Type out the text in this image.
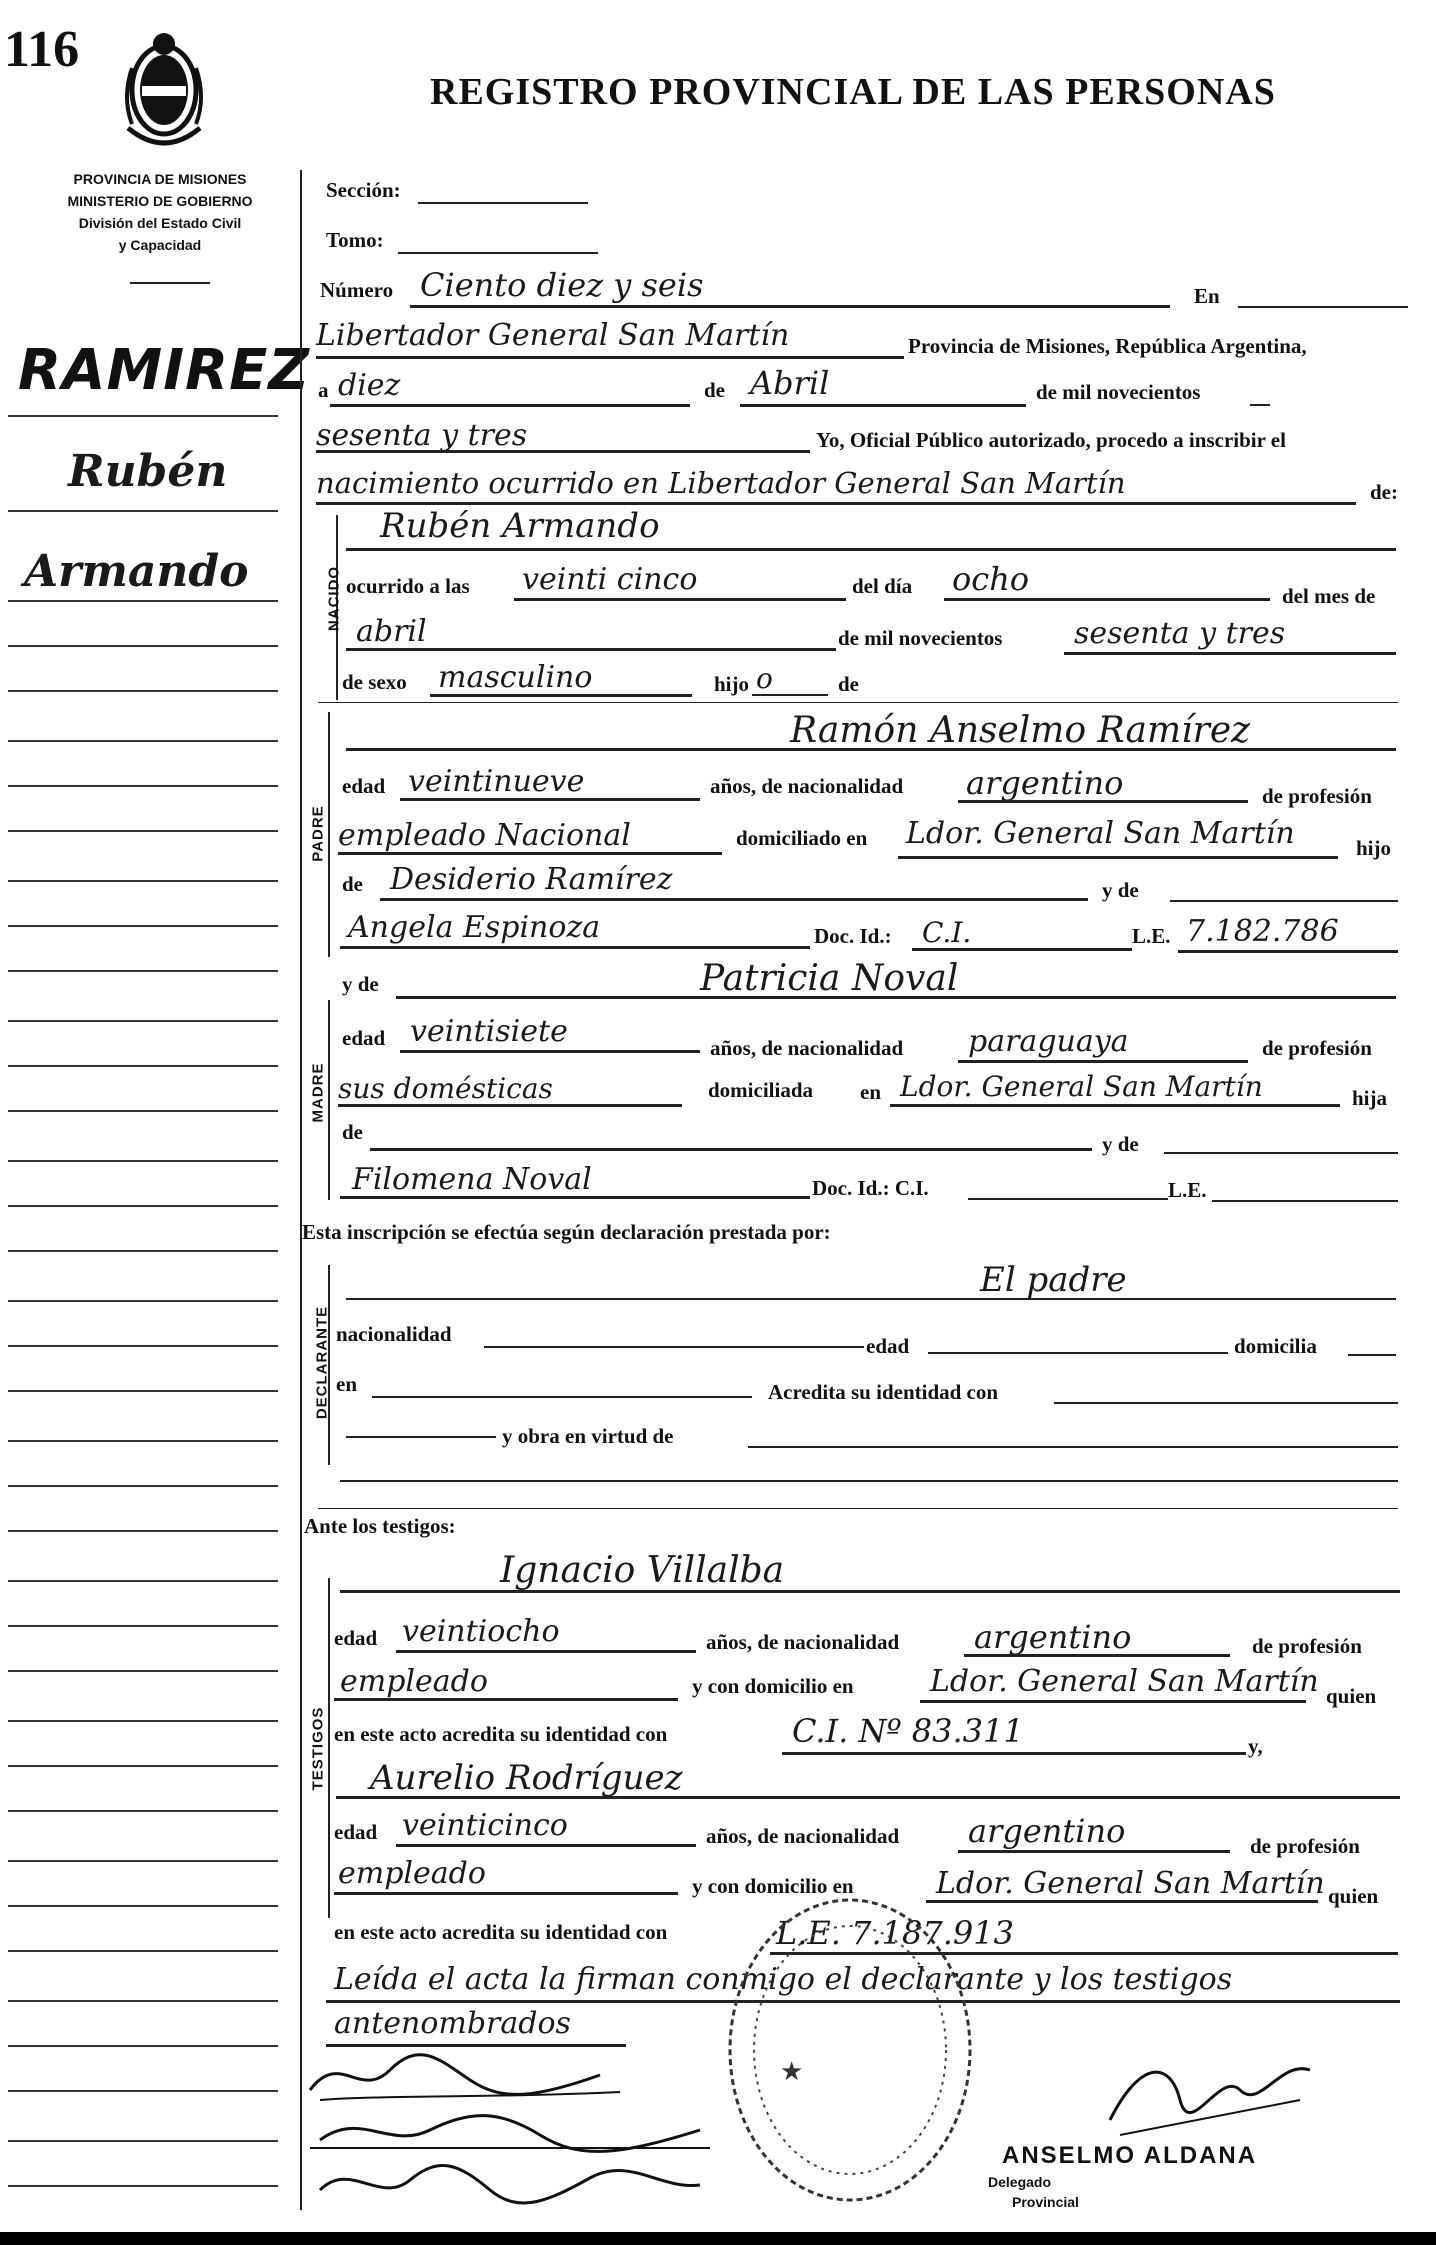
116
REGISTRO PROVINCIAL DE LAS PERSONAS
PROVINCIA DE MISIONES
MINISTERIO DE GOBIERNO
División del Estado Civil
y Capacidad
RAMIREZ
Rubén
Armando
Sección:
Tomo:
Número Ciento diez y seis	En
Libertador General San Martín	Provincia de Misiones, República Argentina,
a diez	de Abril	de mil novecientos
sesenta y tres	Yo, Oficial Público autorizado, procedo a inscribir el
nacimiento ocurrido en Libertador General San Martín	de:
NACIDO
Rubén Armando
ocurrido a las veinti cinco	del día ocho	del mes de
abril	de mil novecientos sesenta y tres
de sexo masculino	hijo o	de
PADRE
Ramón Anselmo Ramírez
edad veintinueve	años, de nacionalidad argentino	de profesión
empleado Nacional	domiciliado en Ldor. General San Martín	hijo
de Desiderio Ramírez	y de
Angela Espinoza	Doc. Id.: C.I.	L.E. 7.182.786
MADRE
y de	Patricia Noval
edad veintisiete	años, de nacionalidad paraguaya	de profesión
sus domésticas	domiciliada en Ldor. General San Martín	hija
de	y de
Filomena Noval	Doc. Id.: C.I.	L.E.
Esta inscripción se efectúa según declaración prestada por:
DECLARANTE
El padre
nacionalidad	edad	domicilia
en	Acredita su identidad con
y obra en virtud de
Ante los testigos:
TESTIGOS
Ignacio Villalba
edad veintiocho	años, de nacionalidad argentino	de profesión
empleado	y con domicilio en	Ldor. General San Martín quien
en este acto acredita su identidad con	C.I. Nº 83.311	y,
Aurelio Rodríguez
edad veinticinco	años, de nacionalidad argentino	de profesión
empleado	y con domicilio en	Ldor. General San Martín quien
en este acto acredita su identidad con	L.E. 7.187.913
Leída el acta la firman conmigo el declarante y los testigos
antenombrados
★
ANSELMO ALDANA
Delegado
Provincial
